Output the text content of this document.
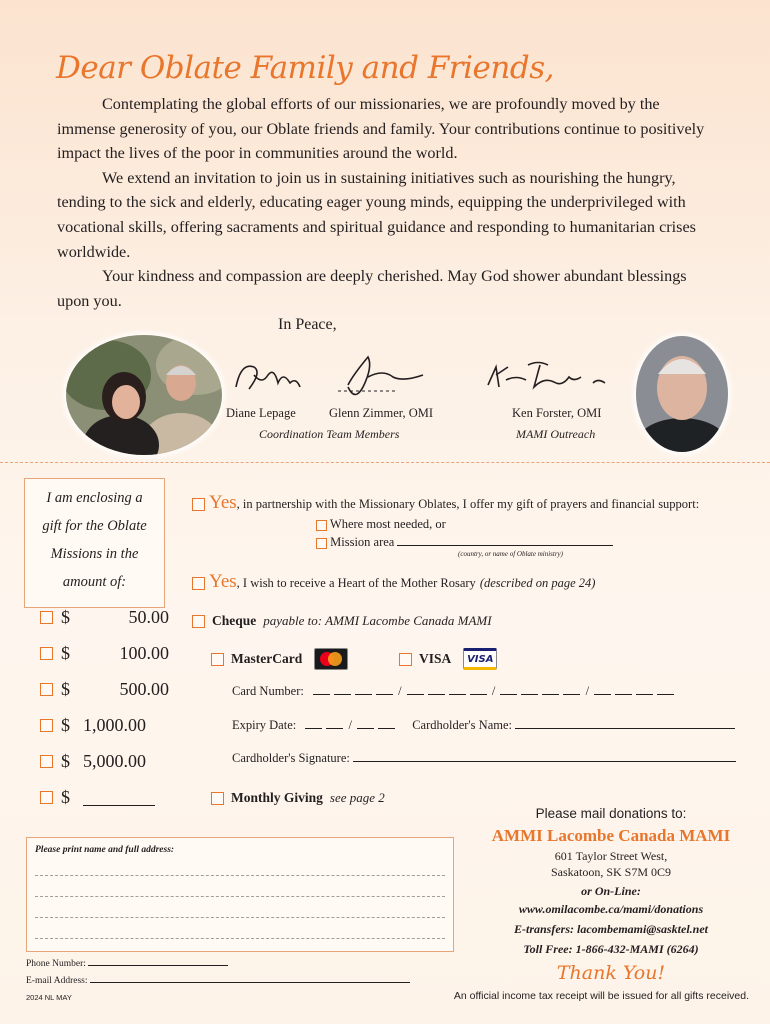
Dear Oblate Family and Friends,

Contemplating the global efforts of our missionaries, we are profoundly moved by the immense generosity of you, our Oblate friends and family. Your contributions continue to positively impact the lives of the poor in communities around the world.

We extend an invitation to join us in sustaining initiatives such as nourishing the hungry, tending to the sick and elderly, educating eager young minds, equipping the underprivileged with vocational skills, offering sacraments and spiritual guidance and responding to humanitarian crises worldwide.

Your kindness and compassion are deeply cherished. May God shower abundant blessings upon you.

In Peace,
Diane Lepage	Glenn Zimmer, OMI
Coordination Team Members
Ken Forster, OMI
MAMI Outreach
I am enclosing a gift for the Oblate Missions in the amount of:
$	50.00
$	100.00
$	500.00
$ 1,000.00
$ 5,000.00
$
Yes, in partnership with the Missionary Oblates, I offer my gift of prayers and financial support:
Where most needed, or
Mission area
(country, or name of Oblate ministry)
Yes, I wish to receive a Heart of the Mother Rosary (described on page 24)
Cheque payable to: AMMI Lacombe Canada MAMI
MasterCard	VISA VISA
Card Number:	/	/	/
Expiry Date:	/	Cardholder's Name:
Cardholder's Signature:
Monthly Giving see page 2
Please print name and full address:
Phone Number:
E-mail Address:
2024 NL MAY
Please mail donations to:
AMMI Lacombe Canada MAMI
601 Taylor Street West,
Saskatoon, SK S7M 0C9
or On-Line:
www.omilacombe.ca/mami/donations
E-transfers: lacombemami@sasktel.net
Toll Free: 1-866-432-MAMI (6264)
Thank You!
An official income tax receipt will be issued for all gifts received.
